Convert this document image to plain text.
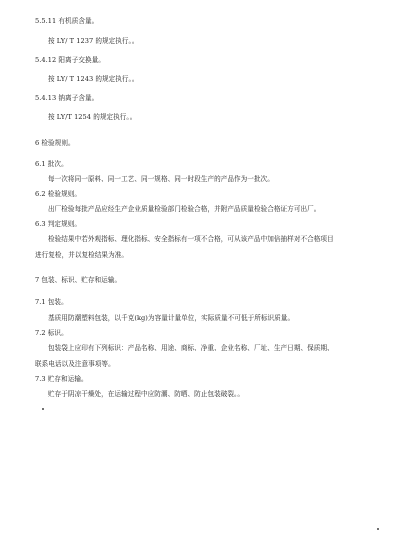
5.5.11 有机质含量。
按 LY/ T 1237 的规定执行。。
5.4.12 阳离子交换量。
按 LY/ T 1243 的规定执行。。
5.4.13 钠离子含量。
按 LY/T 1254 的规定执行。。
6 检验规则。
6.1 批次。
每一次将同一原料、同一工艺、同一规格、同一时段生产的产品作为一批次。
6.2 检验规则。
出厂检验每批产品应经生产企业质量检验部门检验合格，并附产品质量检验合格证方可出厂。
6.3 判定规则。
检验结果中若外观指标、理化指标、安全指标有一项不合格，可从该产品中加倍抽样对不合格项目
进行复检，并以复检结果为准。
7 包装、标识、贮存和运输。
7.1 包装。
基质用防潮塑料包装，以千克(kg)为容量计量单位，实际质量不可低于所标识质量。
7.2 标识。
包装袋上应印有下列标识：产品名称、用途、商标、净重、企业名称、厂址、生产日期、保质期、
联系电话以及注意事项等。
7.3 贮存和运输。
贮存于阴凉干燥处，在运输过程中应防潮、防晒、防止包装破裂。。
